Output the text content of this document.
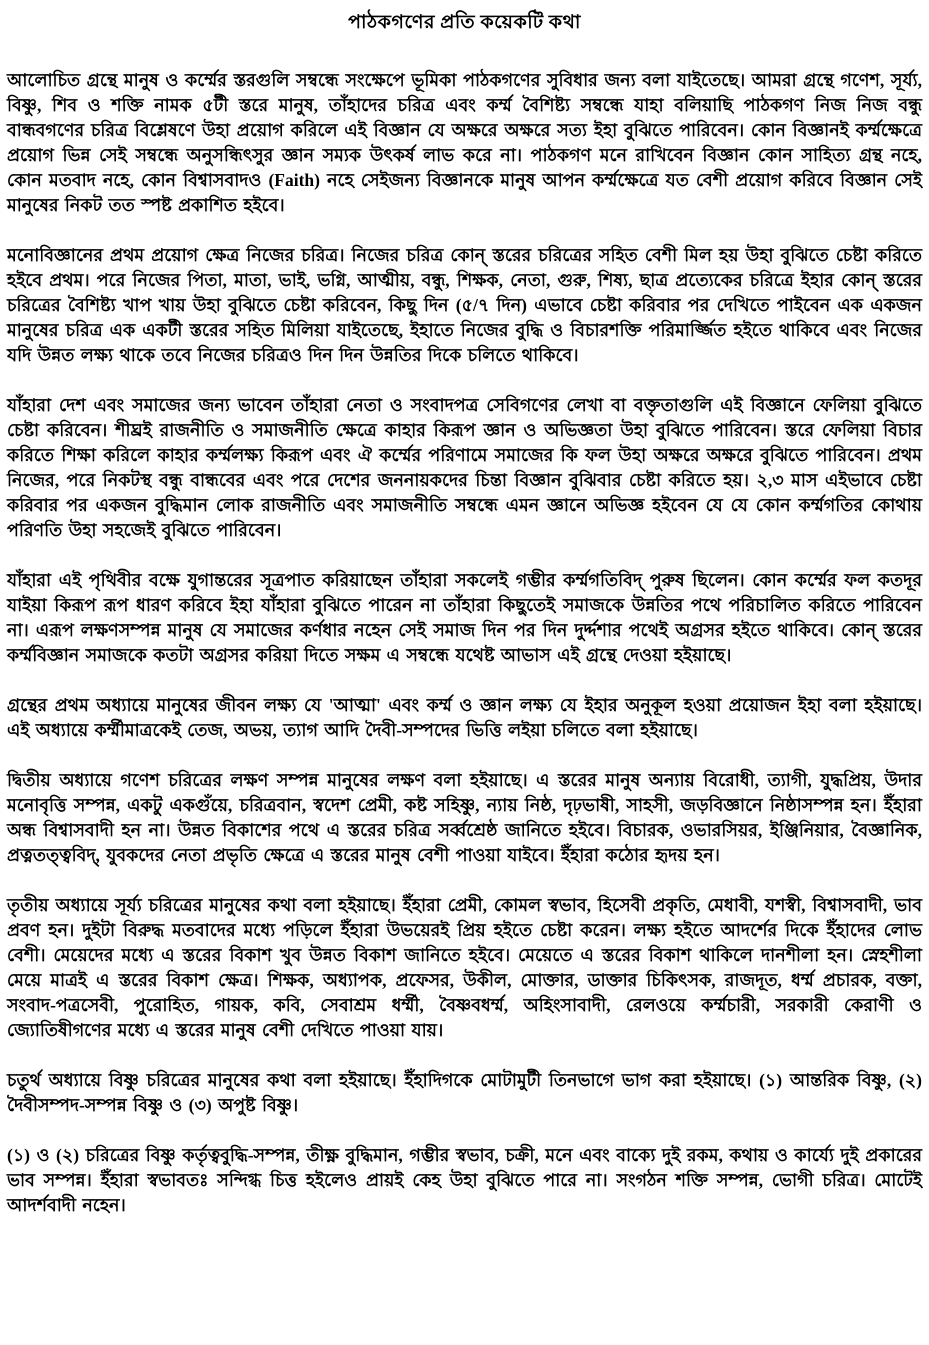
পাঠকগণের প্রতি কয়েকটি কথা

আলোচিত গ্রন্থে মানুষ ও কর্ম্মের স্তরগুলি সম্বন্ধে সংক্ষেপে ভূমিকা পাঠকগণের সুবিধার জন্য বলা যাইতেছে। আমরা গ্রন্থে গণেশ, সূর্য্য, বিষ্ণু, শিব ও শক্তি নামক ৫টী স্তরে মানুষ, তাঁহাদের চরিত্র এবং কর্ম্ম বৈশিষ্ট্য সম্বন্ধে যাহা বলিয়াছি পাঠকগণ নিজ নিজ বন্ধু বান্ধবগণের চরিত্র বিশ্লেষণে উহা প্রয়োগ করিলে এই বিজ্ঞান যে অক্ষরে অক্ষরে সত্য ইহা বুঝিতে পারিবেন। কোন বিজ্ঞানই কর্ম্মক্ষেত্রে প্রয়োগ ভিন্ন সেই সম্বন্ধে অনুসন্ধিৎসুর জ্ঞান সম্যক উৎকর্ষ লাভ করে না। পাঠকগণ মনে রাখিবেন বিজ্ঞান কোন সাহিত্য গ্রন্থ নহে, কোন মতবাদ নহে, কোন বিশ্বাসবাদও (Faith) নহে সেইজন্য বিজ্ঞানকে মানুষ আপন কর্ম্মক্ষেত্রে যত বেশী প্রয়োগ করিবে বিজ্ঞান সেই মানুষের নিকট তত স্পষ্ট প্রকাশিত হইবে।

মনোবিজ্ঞানের প্রথম প্রয়োগ ক্ষেত্র নিজের চরিত্র। নিজের চরিত্র কোন্ স্তরের চরিত্রের সহিত বেশী মিল হয় উহা বুঝিতে চেষ্টা করিতে হইবে প্রথম। পরে নিজের পিতা, মাতা, ভাই, ভগ্নি, আত্মীয়, বন্ধু, শিক্ষক, নেতা, গুরু, শিষ্য, ছাত্র প্রত্যেকের চরিত্রে ইহার কোন্ স্তরের চরিত্রের বৈশিষ্ট্য খাপ খায় উহা বুঝিতে চেষ্টা করিবেন, কিছু দিন (৫/৭ দিন) এভাবে চেষ্টা করিবার পর দেখিতে পাইবেন এক একজন মানুষের চরিত্র এক একটী স্তরের সহিত মিলিয়া যাইতেছে, ইহাতে নিজের বুদ্ধি ও বিচারশক্তি পরিমার্জ্জিত হইতে থাকিবে এবং নিজের যদি উন্নত লক্ষ্য থাকে তবে নিজের চরিত্রও দিন দিন উন্নতির দিকে চলিতে থাকিবে।

যাঁহারা দেশ এবং সমাজের জন্য ভাবেন তাঁহারা নেতা ও সংবাদপত্র সেবিগণের লেখা বা বক্তৃতাগুলি এই বিজ্ঞানে ফেলিয়া বুঝিতে চেষ্টা করিবেন। শীঘ্রই রাজনীতি ও সমাজনীতি ক্ষেত্রে কাহার কিরূপ জ্ঞান ও অভিজ্ঞতা উহা বুঝিতে পারিবেন। স্তরে ফেলিয়া বিচার করিতে শিক্ষা করিলে কাহার কর্ম্মলক্ষ্য কিরূপ এবং ঐ কর্ম্মের পরিণামে সমাজের কি ফল উহা অক্ষরে অক্ষরে বুঝিতে পারিবেন। প্রথম নিজের, পরে নিকটস্থ বন্ধু বান্ধবের এবং পরে দেশের জননায়কদের চিন্তা বিজ্ঞান বুঝিবার চেষ্টা করিতে হয়। ২,৩ মাস এইভাবে চেষ্টা করিবার পর একজন বুদ্ধিমান লোক রাজনীতি এবং সমাজনীতি সম্বন্ধে এমন জ্ঞানে অভিজ্ঞ হইবেন যে যে কোন কর্ম্মগতির কোথায় পরিণতি উহা সহজেই বুঝিতে পারিবেন।

যাঁহারা এই পৃথিবীর বক্ষে যুগান্তরের সূত্রপাত করিয়াছেন তাঁহারা সকলেই গম্ভীর কর্ম্মগতিবিদ্ পুরুষ ছিলেন। কোন কর্ম্মের ফল কতদূর যাইয়া কিরূপ রূপ ধারণ করিবে ইহা যাঁহারা বুঝিতে পারেন না তাঁহারা কিছুতেই সমাজকে উন্নতির পথে পরিচালিত করিতে পারিবেন না। এরূপ লক্ষণসম্পন্ন মানুষ যে সমাজের কর্ণধার নহেন সেই সমাজ দিন পর দিন দুর্দ্দশার পথেই অগ্রসর হইতে থাকিবে। কোন্ স্তরের কর্ম্মবিজ্ঞান সমাজকে কতটা অগ্রসর করিয়া দিতে সক্ষম এ সম্বন্ধে যথেষ্ট আভাস এই গ্রন্থে দেওয়া হইয়াছে।

গ্রন্থের প্রথম অধ্যায়ে মানুষের জীবন লক্ষ্য যে 'আত্মা' এবং কর্ম্ম ও জ্ঞান লক্ষ্য যে ইহার অনুকূল হওয়া প্রয়োজন ইহা বলা হইয়াছে। এই অধ্যায়ে কর্ম্মীমাত্রকেই তেজ, অভয়, ত্যাগ আদি দৈবী-সম্পদের ভিত্তি লইয়া চলিতে বলা হইয়াছে।

দ্বিতীয় অধ্যায়ে গণেশ চরিত্রের লক্ষণ সম্পন্ন মানুষের লক্ষণ বলা হইয়াছে। এ স্তরের মানুষ অন্যায় বিরোধী, ত্যাগী, যুদ্ধপ্রিয়, উদার মনোবৃত্তি সম্পন্ন, একটু একগুঁয়ে, চরিত্রবান, স্বদেশ প্রেমী, কষ্ট সহিষ্ণু, ন্যায় নিষ্ঠ, দৃঢ়ভাষী, সাহসী, জড়বিজ্ঞানে নিষ্ঠাসম্পন্ন হন। ইঁহারা অন্ধ বিশ্বাসবাদী হন না। উন্নত বিকাশের পথে এ স্তরের চরিত্র সর্ব্বশ্রেষ্ঠ জানিতে হইবে। বিচারক, ওভারসিয়র, ইঞ্জিনিয়ার, বৈজ্ঞানিক, প্রত্নতত্ত্ববিদ্, যুবকদের নেতা প্রভৃতি ক্ষেত্রে এ স্তরের মানুষ বেশী পাওয়া যাইবে। ইঁহারা কঠোর হৃদয় হন।

তৃতীয় অধ্যায়ে সূর্য্য চরিত্রের মানুষের কথা বলা হইয়াছে। ইঁহারা প্রেমী, কোমল স্বভাব, হিসেবী প্রকৃতি, মেধাবী, যশস্বী, বিশ্বাসবাদী, ভাব প্রবণ হন। দুইটা বিরুদ্ধ মতবাদের মধ্যে পড়িলে ইঁহারা উভয়েরই প্রিয় হইতে চেষ্টা করেন। লক্ষ্য হইতে আদর্শের দিকে ইঁহাদের লোভ বেশী। মেয়েদের মধ্যে এ স্তরের বিকাশ খুব উন্নত বিকাশ জানিতে হইবে। মেয়েতে এ স্তরের বিকাশ থাকিলে দানশীলা হন। স্নেহশীলা মেয়ে মাত্রই এ স্তরের বিকাশ ক্ষেত্র। শিক্ষক, অধ্যাপক, প্রফেসর, উকীল, মোক্তার, ডাক্তার চিকিৎসক, রাজদূত, ধর্ম্ম প্রচারক, বক্তা, সংবাদ-পত্রসেবী, পুরোহিত, গায়ক, কবি, সেবাশ্রম ধর্ম্মী, বৈষ্ণবধর্ম্ম, অহিংসাবাদী, রেলওয়ে কর্ম্মচারী, সরকারী কেরাণী ও জ্যোতিষীগণের মধ্যে এ স্তরের মানুষ বেশী দেখিতে পাওয়া যায়।

চতুর্থ অধ্যায়ে বিষ্ণু চরিত্রের মানুষের কথা বলা হইয়াছে। ইঁহাদিগকে মোটামুটী তিনভাগে ভাগ করা হইয়াছে। (১) আন্তরিক বিষ্ণু, (২) দৈবীসম্পদ-সম্পন্ন বিষ্ণু ও (৩) অপুষ্ট বিষ্ণু।

(১) ও (২) চরিত্রের বিষ্ণু কর্তৃত্ববুদ্ধি-সম্পন্ন, তীক্ষ্ণ বুদ্ধিমান, গম্ভীর স্বভাব, চক্রী, মনে এবং বাক্যে দুই রকম, কথায় ও কার্য্যে দুই প্রকারের ভাব সম্পন্ন। ইঁহারা স্বভাবতঃ সন্দিগ্ধ চিত্ত হইলেও প্রায়ই কেহ উহা বুঝিতে পারে না। সংগঠন শক্তি সম্পন্ন, ভোগী চরিত্র। মোটেই আদর্শবাদী নহেন।
